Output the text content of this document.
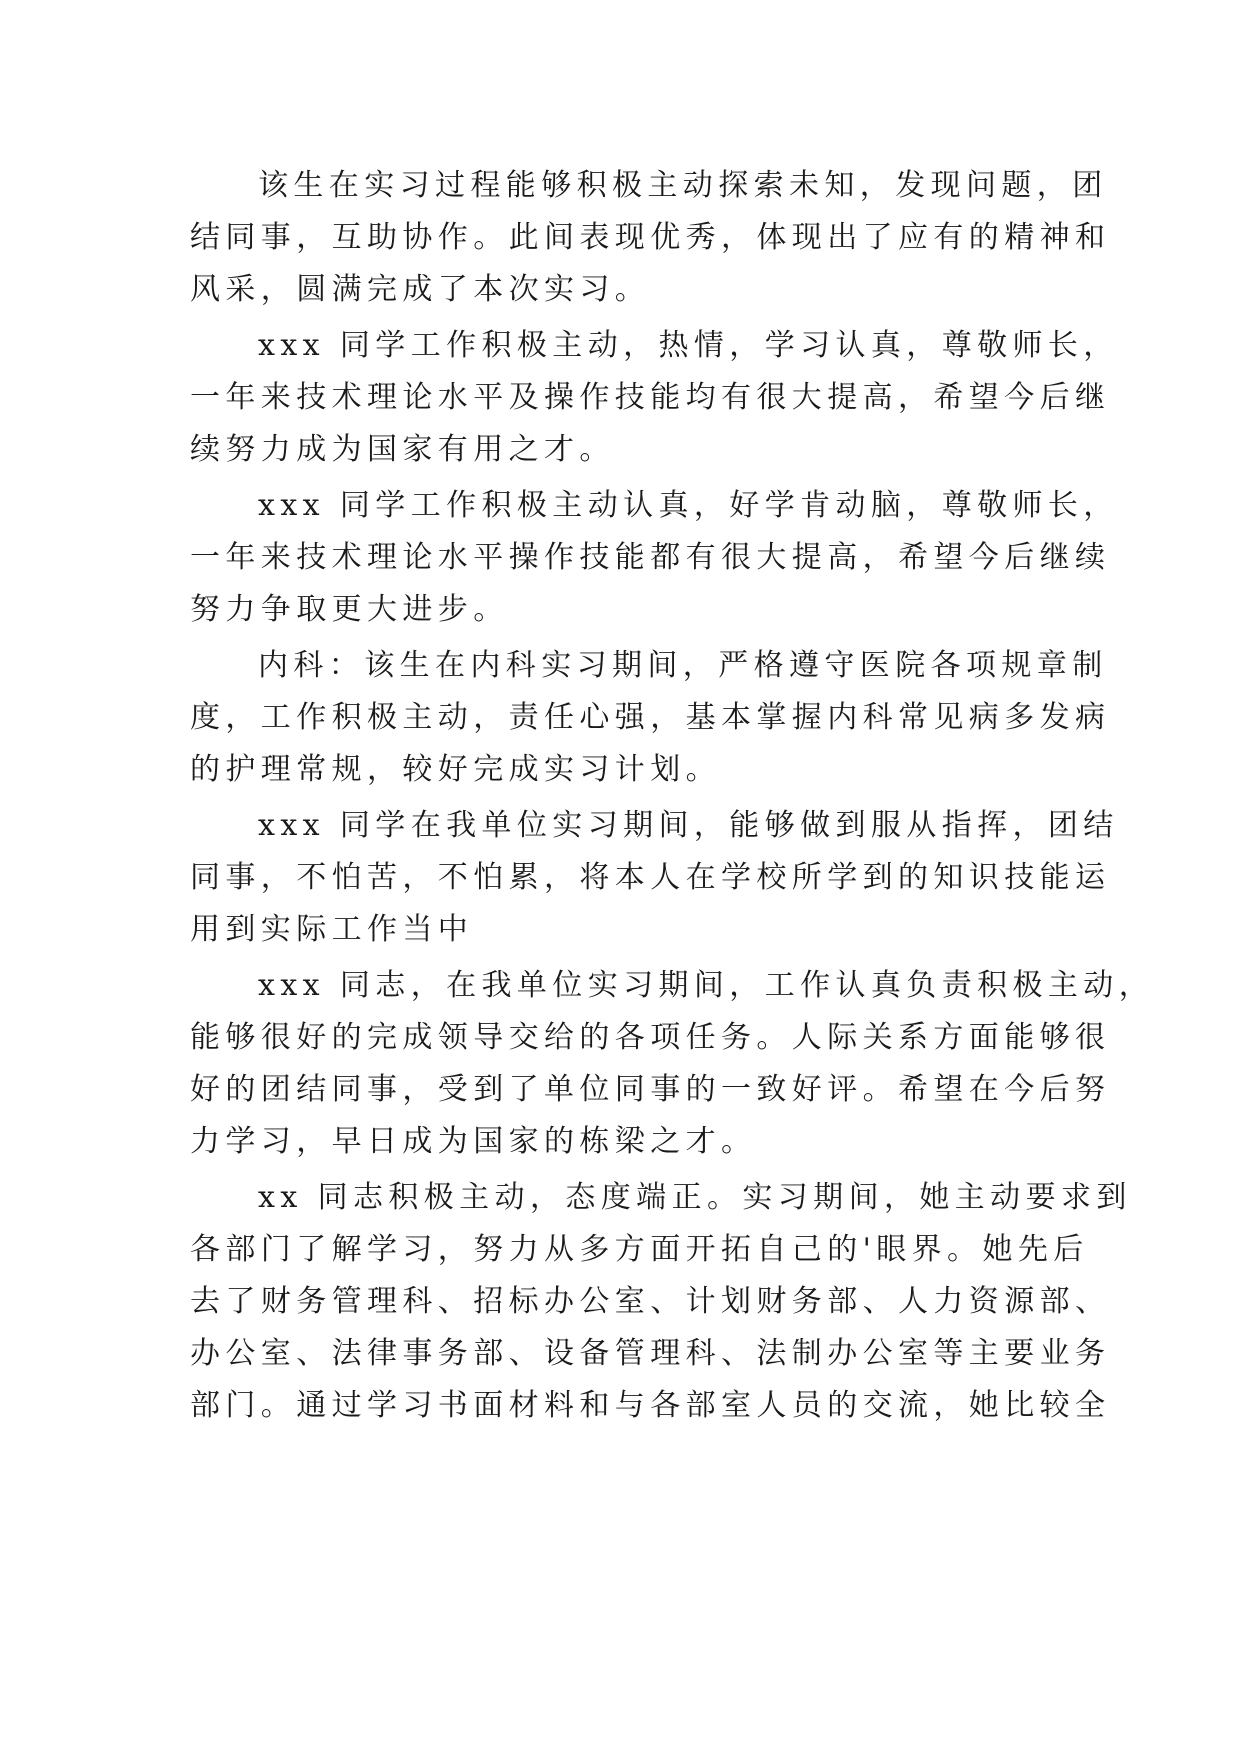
该生在实习过程能够积极主动探索未知，发现问题，团
结同事，互助协作。此间表现优秀，体现出了应有的精神和
风采，圆满完成了本次实习。

xxx 同学工作积极主动，热情，学习认真，尊敬师长，
一年来技术理论水平及操作技能均有很大提高，希望今后继
续努力成为国家有用之才。

xxx 同学工作积极主动认真，好学肯动脑，尊敬师长，
一年来技术理论水平操作技能都有很大提高，希望今后继续
努力争取更大进步。

内科：该生在内科实习期间，严格遵守医院各项规章制
度，工作积极主动，责任心强，基本掌握内科常见病多发病
的护理常规，较好完成实习计划。

xxx 同学在我单位实习期间，能够做到服从指挥，团结
同事，不怕苦，不怕累，将本人在学校所学到的知识技能运
用到实际工作当中

xxx 同志，在我单位实习期间，工作认真负责积极主动，
能够很好的完成领导交给的各项任务。人际关系方面能够很
好的团结同事，受到了单位同事的一致好评。希望在今后努
力学习，早日成为国家的栋梁之才。

xx 同志积极主动，态度端正。实习期间，她主动要求到
各部门了解学习，努力从多方面开拓自己的'眼界。她先后
去了财务管理科、招标办公室、计划财务部、人力资源部、
办公室、法律事务部、设备管理科、法制办公室等主要业务
部门。通过学习书面材料和与各部室人员的交流，她比较全
